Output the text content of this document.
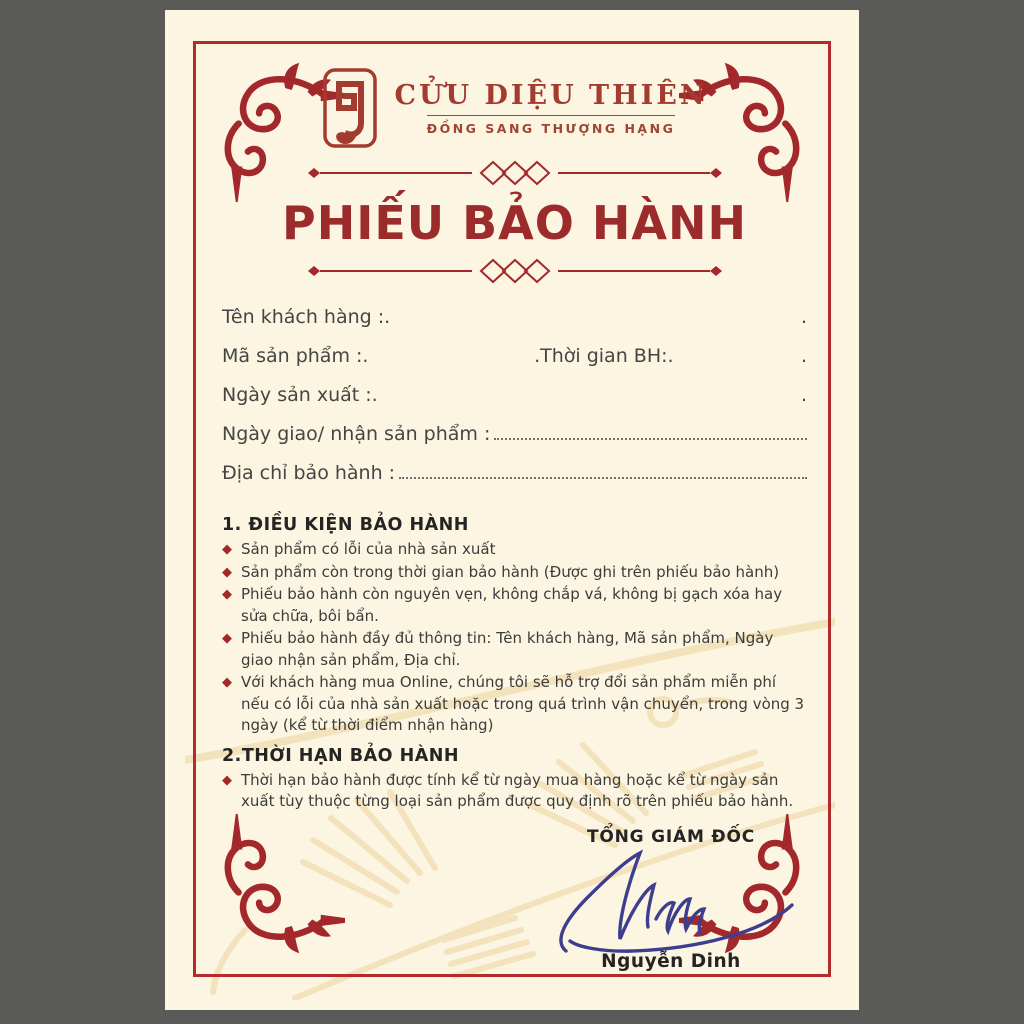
CỬU DIỆU THIÊN
ĐỒNG SANG THƯỢNG HẠNG
PHIẾU BẢO HÀNH
Tên khách hàng : .	.
Mã sản phẩm : .	. Thời gian BH: .	.
Ngày sản xuất : .	.
Ngày giao/ nhận sản phẩm :
Địa chỉ bảo hành :
1. ĐIỀU KIỆN BẢO HÀNH
◆ Sản phẩm có lỗi của nhà sản xuất
◆ Sản phẩm còn trong thời gian bảo hành (Được ghi trên phiếu bảo hành)
◆ Phiếu bảo hành còn nguyên vẹn, không chắp vá, không bị gạch xóa hay sửa chữa, bôi bẩn.
◆ Phiếu bảo hành đầy đủ thông tin: Tên khách hàng, Mã sản phẩm, Ngày giao nhận sản phẩm, Địa chỉ.
◆ Với khách hàng mua Online, chúng tôi sẽ hỗ trợ đổi sản phẩm miễn phí nếu có lỗi của nhà sản xuất hoặc trong quá trình vận chuyển, trong vòng 3 ngày (kể từ thời điểm nhận hàng)
2.THỜI HẠN BẢO HÀNH
◆ Thời hạn bảo hành được tính kể từ ngày mua hàng hoặc kể từ ngày sản xuất tùy thuộc từng loại sản phẩm được quy định rõ trên phiếu bảo hành.
TỔNG GIÁM ĐỐC
Nguyễn Dinh
